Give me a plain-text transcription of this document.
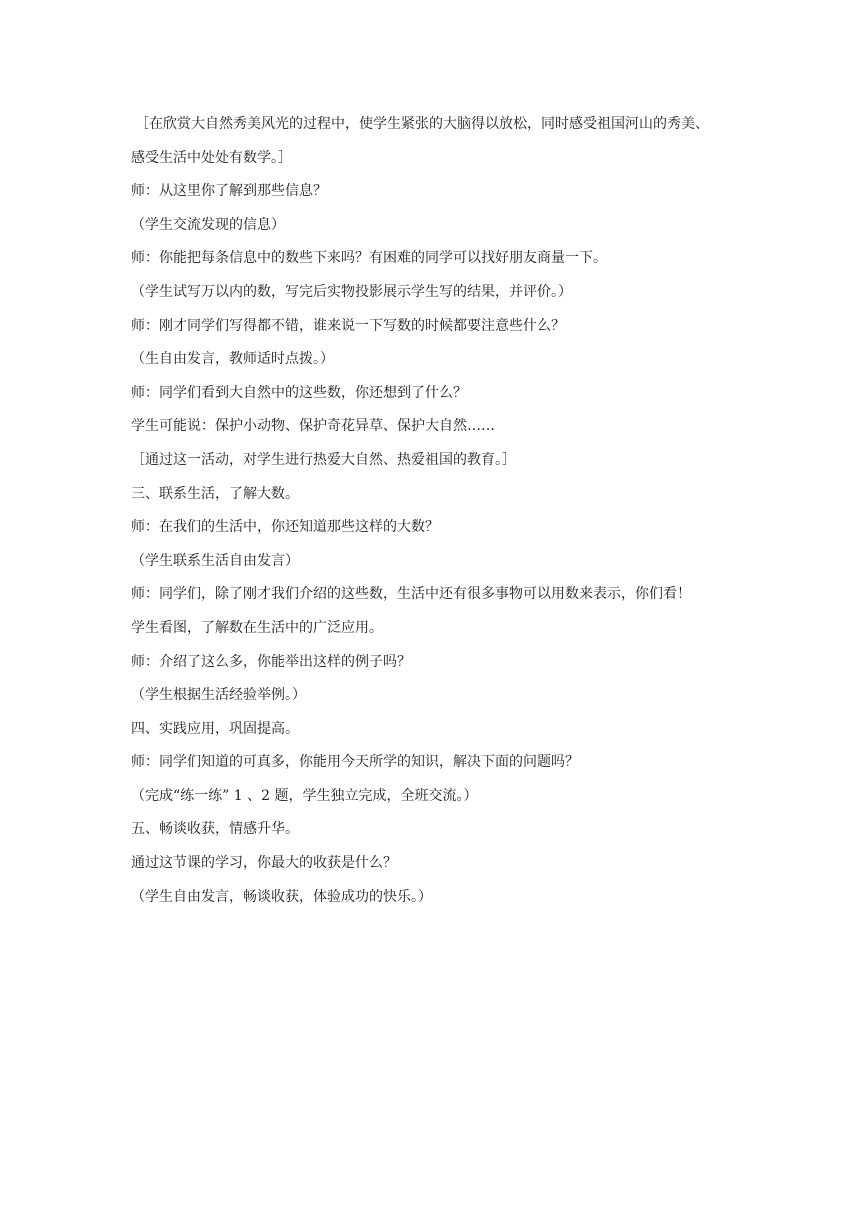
［在欣赏大自然秀美风光的过程中，使学生紧张的大脑得以放松，同时感受祖国河山的秀美、
感受生活中处处有数学。］
师：从这里你了解到那些信息？
（学生交流发现的信息）
师：你能把每条信息中的数些下来吗？有困难的同学可以找好朋友商量一下。
（学生试写万以内的数，写完后实物投影展示学生写的结果，并评价。）
师：刚才同学们写得都不错，谁来说一下写数的时候都要注意些什么？
（生自由发言，教师适时点拨。）
师：同学们看到大自然中的这些数，你还想到了什么？
学生可能说：保护小动物、保护奇花异草、保护大自然……
［通过这一活动，对学生进行热爱大自然、热爱祖国的教育。］
三、联系生活，了解大数。
师：在我们的生活中，你还知道那些这样的大数？
（学生联系生活自由发言）
师：同学们，除了刚才我们介绍的这些数，生活中还有很多事物可以用数来表示，你们看！
学生看图，了解数在生活中的广泛应用。
师：介绍了这么多，你能举出这样的例子吗？
（学生根据生活经验举例。）
四、实践应用，巩固提高。
师：同学们知道的可真多，你能用今天所学的知识，解决下面的问题吗？
（完成“练一练” 1 、2 题，学生独立完成，全班交流。）
五、畅谈收获，情感升华。
通过这节课的学习，你最大的收获是什么？
（学生自由发言，畅谈收获，体验成功的快乐。）
